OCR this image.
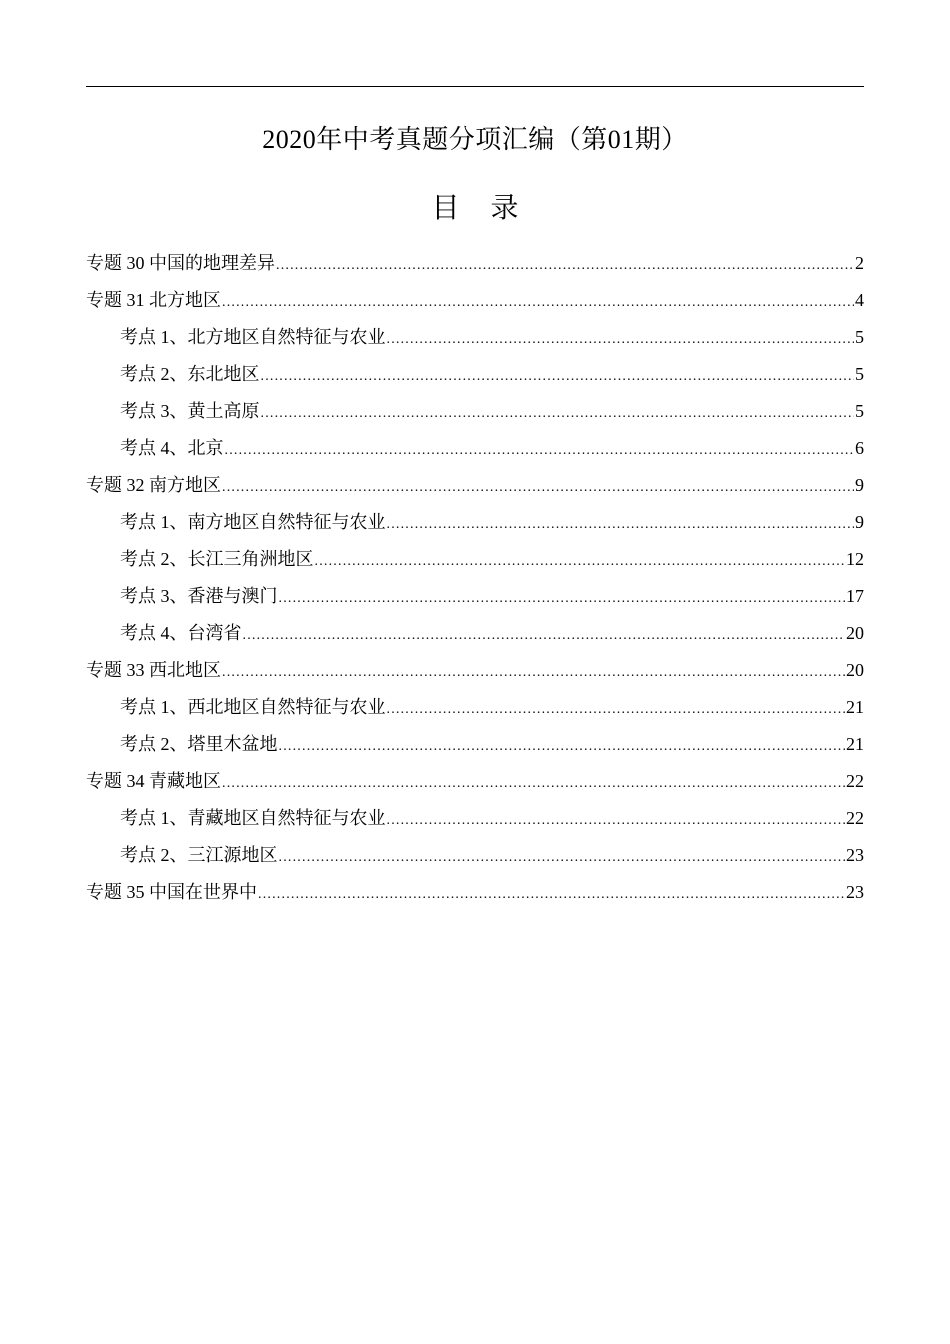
2020年中考真题分项汇编（第01期）
目 录
专题 30 中国的地理差异 .....	2
专题 31 北方地区 .....	4
考点 1、北方地区自然特征与农业 .....	5
考点 2、东北地区 .....	5
考点 3、黄土高原 .....	5
考点 4、北京 .....	6
专题 32 南方地区 .....	9
考点 1、南方地区自然特征与农业 .....	9
考点 2、长江三角洲地区 .....	12
考点 3、香港与澳门 .....	17
考点 4、台湾省 .....	20
专题 33 西北地区 .....	20
考点 1、西北地区自然特征与农业 .....	21
考点 2、塔里木盆地 .....	21
专题 34 青藏地区 .....	22
考点 1、青藏地区自然特征与农业 .....	22
考点 2、三江源地区 .....	23
专题 35 中国在世界中 .....	23
